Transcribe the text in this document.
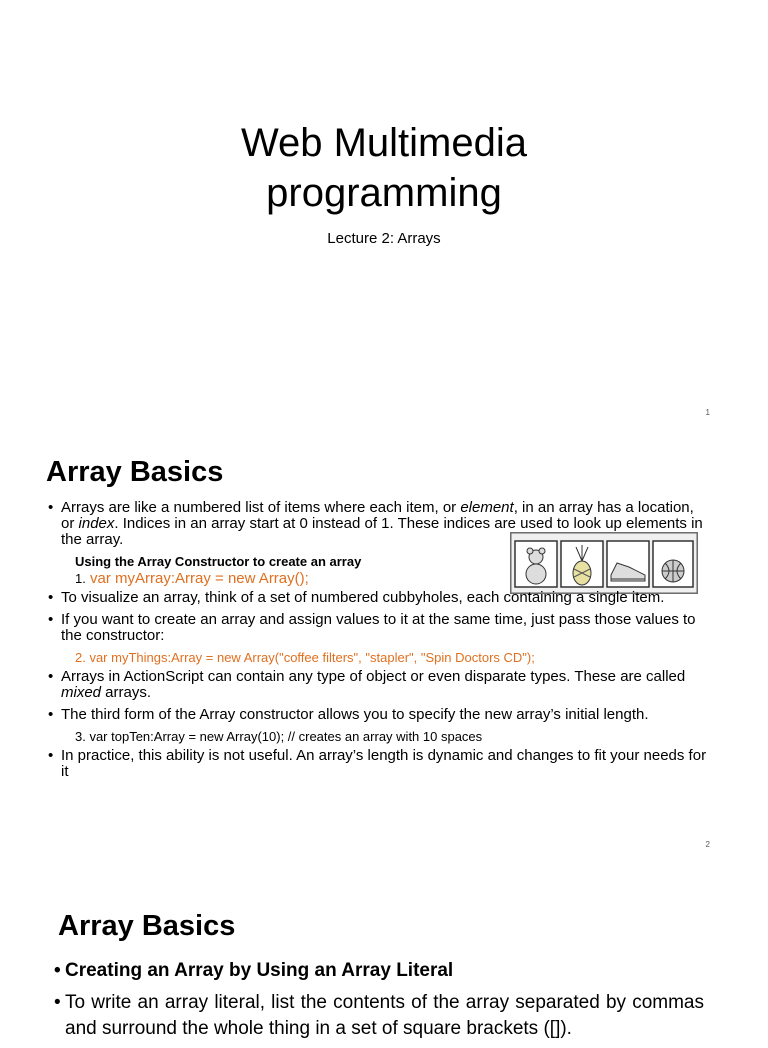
Web Multimedia
programming
Lecture 2: Arrays
1
Array Basics
• Arrays are like a numbered list of items where each item, or element, in an array has a location, or index. Indices in an array start at 0 instead of 1. These indices are used to look up elements in the array.
Using the Array Constructor to create an array
1. var myArray:Array = new Array();
• To visualize an array, think of a set of numbered cubbyholes, each containing a single item.
• If you want to create an array and assign values to it at the same time, just pass those values to the constructor:
2. var myThings:Array = new Array("coffee filters", "stapler", "Spin Doctors CD");
• Arrays in ActionScript can contain any type of object or even disparate types. These are called mixed arrays.
• The third form of the Array constructor allows you to specify the new array’s initial length.
3. var topTen:Array = new Array(10); // creates an array with 10 spaces
• In practice, this ability is not useful. An array’s length is dynamic and changes to fit your needs for it
2
Array Basics
• Creating an Array by Using an Array Literal
• To write an array literal, list the contents of the array separated by commas and surround the whole thing in a set of square brackets ([]).
